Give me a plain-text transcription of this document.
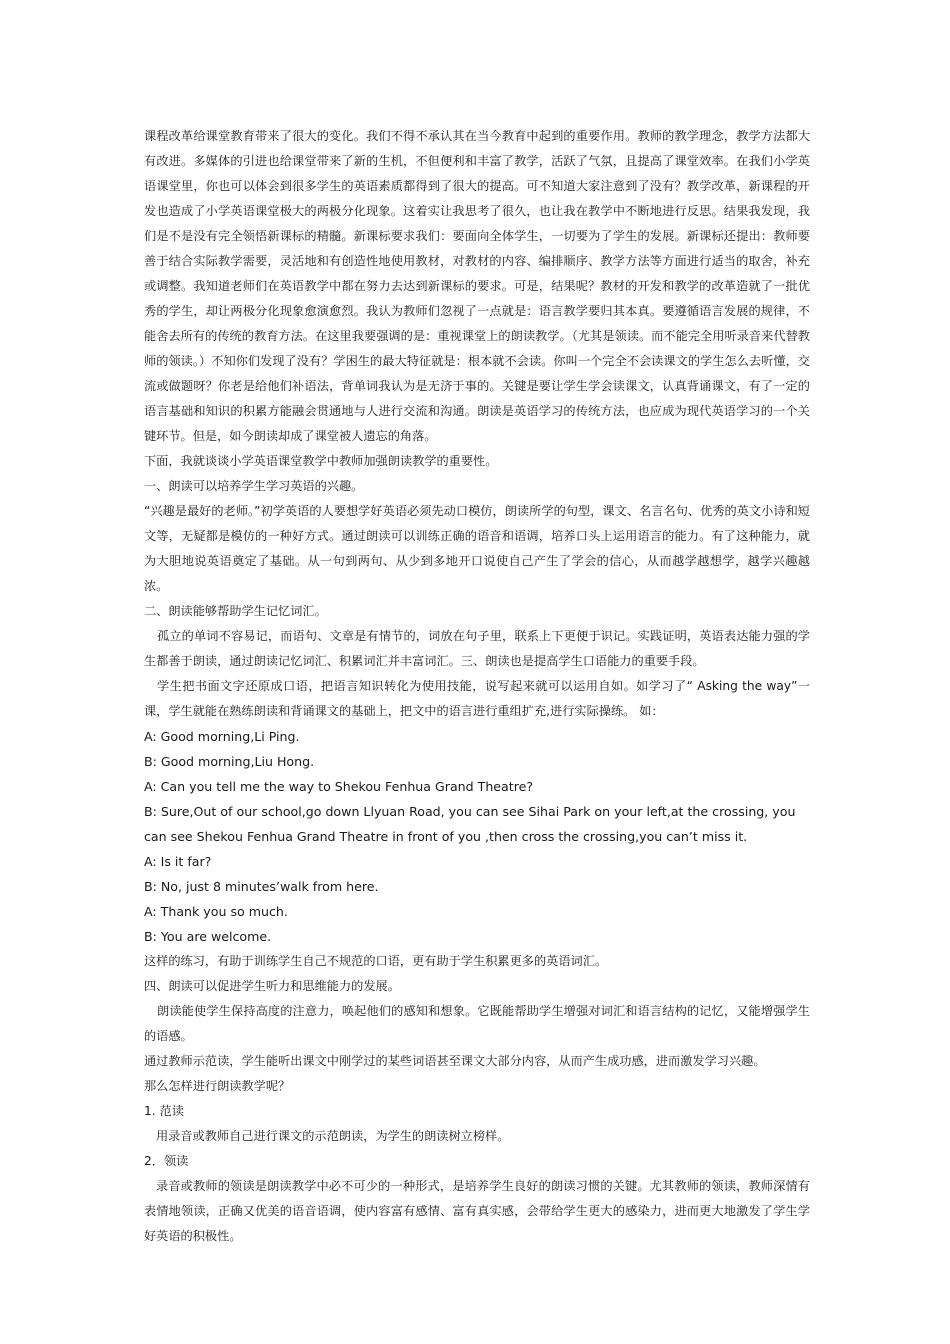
课程改革给课堂教育带来了很大的变化。我们不得不承认其在当今教育中起到的重要作用。教师的教学理念，教学方法都大有改进。多媒体的引进也给课堂带来了新的生机，不但便利和丰富了教学，活跃了气氛，且提高了课堂效率。在我们小学英语课堂里，你也可以体会到很多学生的英语素质都得到了很大的提高。可不知道大家注意到了没有？教学改革，新课程的开发也造成了小学英语课堂极大的两极分化现象。这着实让我思考了很久，也让我在教学中不断地进行反思。结果我发现，我们是不是没有完全领悟新课标的精髓。新课标要求我们：要面向全体学生，一切要为了学生的发展。新课标还提出：教师要善于结合实际教学需要，灵活地和有创造性地使用教材，对教材的内容、编排顺序、教学方法等方面进行适当的取舍，补充或调整。我知道老师们在英语教学中都在努力去达到新课标的要求。可是，结果呢？教材的开发和教学的改革造就了一批优秀的学生，却让两极分化现象愈演愈烈。我认为教师们忽视了一点就是：语言教学要归其本真。要遵循语言发展的规律，不能舍去所有的传统的教育方法。在这里我要强调的是：重视课堂上的朗读教学。（尤其是领读。而不能完全用听录音来代替教师的领读。）不知你们发现了没有？学困生的最大特征就是：根本就不会读。你叫一个完全不会读课文的学生怎么去听懂，交流或做题呀？你老是给他们补语法，背单词我认为是无济于事的。关键是要让学生学会读课文，认真背诵课文，有了一定的语言基础和知识的积累方能融会贯通地与人进行交流和沟通。朗读是英语学习的传统方法，也应成为现代英语学习的一个关键环节。但是，如今朗读却成了课堂被人遗忘的角落。

下面，我就谈谈小学英语课堂教学中教师加强朗读教学的重要性。

一、朗读可以培养学生学习英语的兴趣。

“兴趣是最好的老师。”初学英语的人要想学好英语必须先动口模仿，朗读所学的句型，课文、名言名句、优秀的英文小诗和短文等，无疑都是模仿的一种好方式。通过朗读可以训练正确的语音和语调，培养口头上运用语言的能力。有了这种能力，就为大胆地说英语奠定了基础。从一句到两句、从少到多地开口说使自己产生了学会的信心，从而越学越想学，越学兴趣越浓。

二、朗读能够帮助学生记忆词汇。

孤立的单词不容易记，而语句、文章是有情节的，词放在句子里，联系上下更便于识记。实践证明，英语表达能力强的学生都善于朗读，通过朗读记忆词汇、积累词汇并丰富词汇。三、朗读也是提高学生口语能力的重要手段。

学生把书面文字还原成口语，把语言知识转化为使用技能，说写起来就可以运用自如。如学习了“ Asking the way”一课，学生就能在熟练朗读和背诵课文的基础上，把文中的语言进行重组扩充,进行实际操练。 如：

A: Good morning,Li Ping.

B: Good morning,Liu Hong.

A: Can you tell me the way to Shekou Fenhua Grand Theatre?

B: Sure,Out of our school,go down Llyuan Road, you can see Sihai Park on your left,at the crossing, you can see Shekou Fenhua Grand Theatre in front of you ,then cross the crossing,you can’t miss it.

A: Is it far?

B: No, just 8 minutes’walk from here.

A: Thank you so much.

B: You are welcome.

这样的练习，有助于训练学生自己不规范的口语，更有助于学生积累更多的英语词汇。

四、朗读可以促进学生听力和思维能力的发展。

朗读能使学生保持高度的注意力，唤起他们的感知和想象。它既能帮助学生增强对词汇和语言结构的记忆，又能增强学生的语感。

通过教师示范读，学生能听出课文中刚学过的某些词语甚至课文大部分内容，从而产生成功感，进而激发学习兴趣。

那么怎样进行朗读教学呢？

1. 范读

用录音或教师自己进行课文的示范朗读，为学生的朗读树立榜样。

2．领读

录音或教师的领读是朗读教学中必不可少的一种形式，是培养学生良好的朗读习惯的关键。尤其教师的领读，教师深情有表情地领读，正确又优美的语音语调，使内容富有感情、富有真实感，会带给学生更大的感染力，进而更大地激发了学生学好英语的积极性。
